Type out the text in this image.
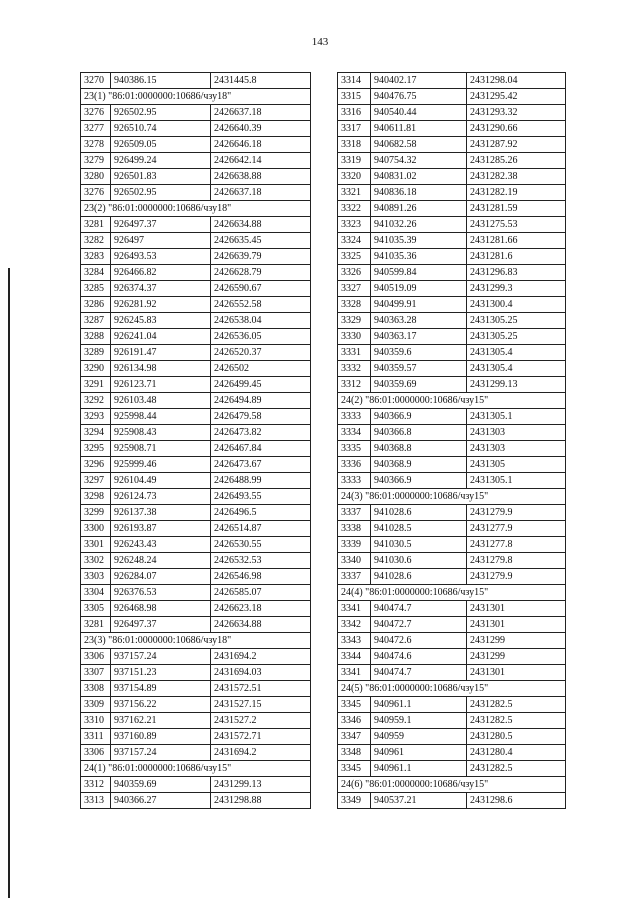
143
3270	940386.15	2431445.8
23(1) "86:01:0000000:10686/чзу18"		
3276	926502.95	2426637.18
3277	926510.74	2426640.39
3278	926509.05	2426646.18
3279	926499.24	2426642.14
3280	926501.83	2426638.88
3276	926502.95	2426637.18
23(2) "86:01:0000000:10686/чзу18"		
3281	926497.37	2426634.88
3282	926497	2426635.45
3283	926493.53	2426639.79
3284	926466.82	2426628.79
3285	926374.37	2426590.67
3286	926281.92	2426552.58
3287	926245.83	2426538.04
3288	926241.04	2426536.05
3289	926191.47	2426520.37
3290	926134.98	2426502
3291	926123.71	2426499.45
3292	926103.48	2426494.89
3293	925998.44	2426479.58
3294	925908.43	2426473.82
3295	925908.71	2426467.84
3296	925999.46	2426473.67
3297	926104.49	2426488.99
3298	926124.73	2426493.55
3299	926137.38	2426496.5
3300	926193.87	2426514.87
3301	926243.43	2426530.55
3302	926248.24	2426532.53
3303	926284.07	2426546.98
3304	926376.53	2426585.07
3305	926468.98	2426623.18
3281	926497.37	2426634.88
23(3) "86:01:0000000:10686/чзу18"		
3306	937157.24	2431694.2
3307	937151.23	2431694.03
3308	937154.89	2431572.51
3309	937156.22	2431527.15
3310	937162.21	2431527.2
3311	937160.89	2431572.71
3306	937157.24	2431694.2
24(1) "86:01:0000000:10686/чзу15"		
3312	940359.69	2431299.13
3313	940366.27	2431298.88
3314	940402.17	2431298.04
3315	940476.75	2431295.42
3316	940540.44	2431293.32
3317	940611.81	2431290.66
3318	940682.58	2431287.92
3319	940754.32	2431285.26
3320	940831.02	2431282.38
3321	940836.18	2431282.19
3322	940891.26	2431281.59
3323	941032.26	2431275.53
3324	941035.39	2431281.66
3325	941035.36	2431281.6
3326	940599.84	2431296.83
3327	940519.09	2431299.3
3328	940499.91	2431300.4
3329	940363.28	2431305.25
3330	940363.17	2431305.25
3331	940359.6	2431305.4
3332	940359.57	2431305.4
3312	940359.69	2431299.13
24(2) "86:01:0000000:10686/чзу15"		
3333	940366.9	2431305.1
3334	940366.8	2431303
3335	940368.8	2431303
3336	940368.9	2431305
3333	940366.9	2431305.1
24(3) "86:01:0000000:10686/чзу15"		
3337	941028.6	2431279.9
3338	941028.5	2431277.9
3339	941030.5	2431277.8
3340	941030.6	2431279.8
3337	941028.6	2431279.9
24(4) "86:01:0000000:10686/чзу15"		
3341	940474.7	2431301
3342	940472.7	2431301
3343	940472.6	2431299
3344	940474.6	2431299
3341	940474.7	2431301
24(5) "86:01:0000000:10686/чзу15"		
3345	940961.1	2431282.5
3346	940959.1	2431282.5
3347	940959	2431280.5
3348	940961	2431280.4
3345	940961.1	2431282.5
24(6) "86:01:0000000:10686/чзу15"		
3349	940537.21	2431298.6
